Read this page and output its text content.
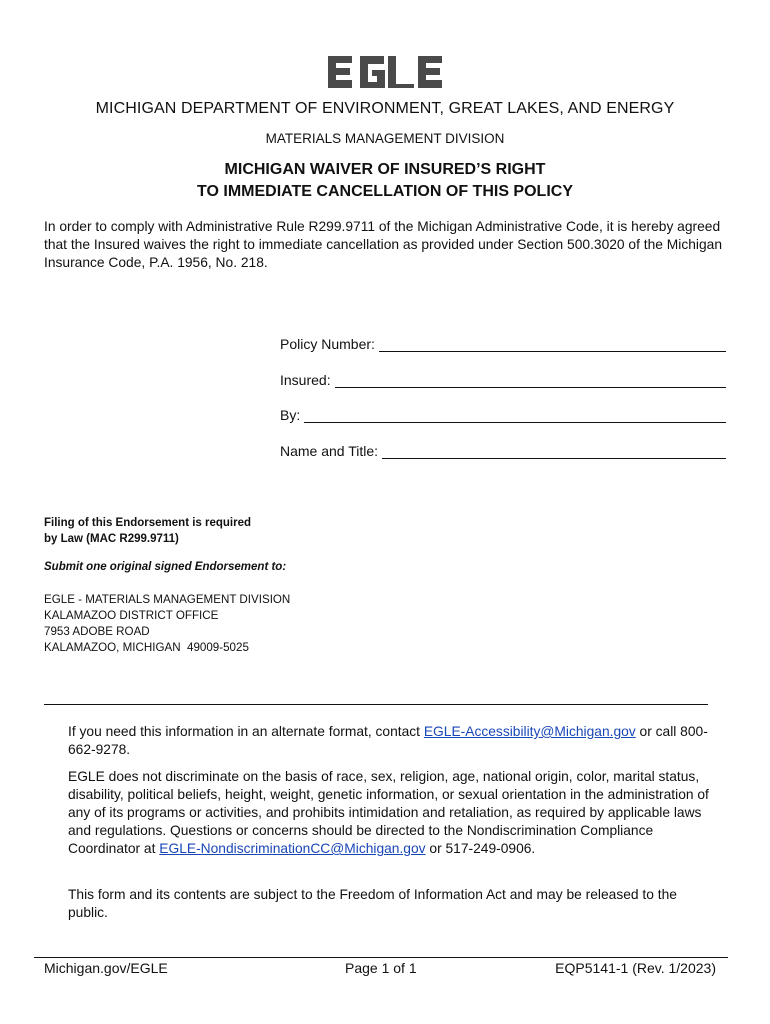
MICHIGAN DEPARTMENT OF ENVIRONMENT, GREAT LAKES, AND ENERGY
MATERIALS MANAGEMENT DIVISION
MICHIGAN WAIVER OF INSURED’S RIGHT
TO IMMEDIATE CANCELLATION OF THIS POLICY
In order to comply with Administrative Rule R299.9711 of the Michigan Administrative Code, it is hereby agreed that the Insured waives the right to immediate cancellation as provided under Section 500.3020 of the Michigan Insurance Code, P.A. 1956, No. 218.
Policy Number:
Insured:
By:
Name and Title:
Filing of this Endorsement is required
by Law (MAC R299.9711)
Submit one original signed Endorsement to:
EGLE - MATERIALS MANAGEMENT DIVISION
KALAMAZOO DISTRICT OFFICE
7953 ADOBE ROAD
KALAMAZOO, MICHIGAN  49009-5025
If you need this information in an alternate format, contact EGLE-Accessibility@Michigan.gov or call 800-662-9278.
EGLE does not discriminate on the basis of race, sex, religion, age, national origin, color, marital status, disability, political beliefs, height, weight, genetic information, or sexual orientation in the administration of any of its programs or activities, and prohibits intimidation and retaliation, as required by applicable laws and regulations. Questions or concerns should be directed to the Nondiscrimination Compliance Coordinator at EGLE-NondiscriminationCC@Michigan.gov or 517-249-0906.
This form and its contents are subject to the Freedom of Information Act and may be released to the public.
Michigan.gov/EGLE	Page 1 of 1	EQP5141-1 (Rev. 1/2023)
